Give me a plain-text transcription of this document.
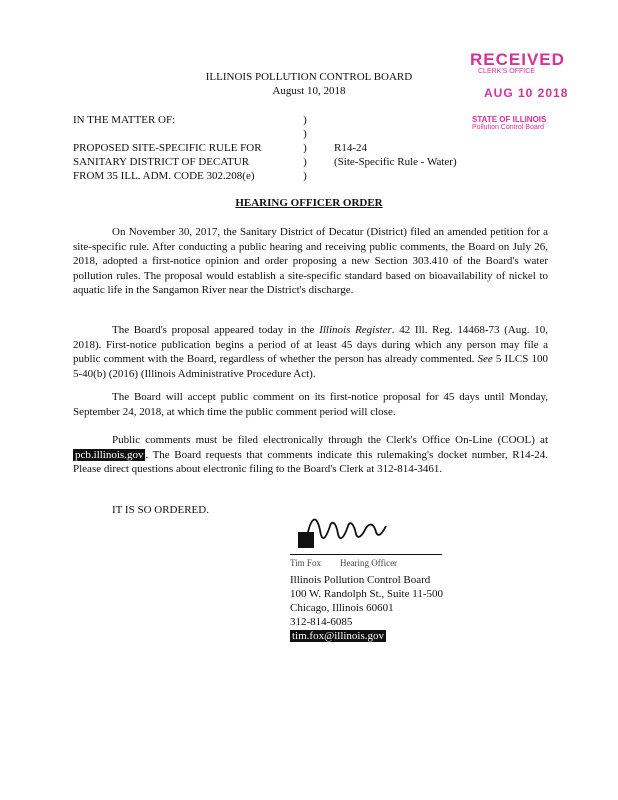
ILLINOIS POLLUTION CONTROL BOARD
August 10, 2018
RECEIVED
CLERK'S OFFICE
AUG 10 2018
STATE OF ILLINOIS
Pollution Control Board
IN THE MATTER OF:
PROPOSED SITE-SPECIFIC RULE FOR
SANITARY DISTRICT OF DECATUR
FROM 35 ILL. ADM. CODE 302.208(e)
)
)
)
)
)
R14-24
(Site-Specific Rule - Water)
HEARING OFFICER ORDER
On November 30, 2017, the Sanitary District of Decatur (District) filed an amended petition for a site-specific rule. After conducting a public hearing and receiving public comments, the Board on July 26, 2018, adopted a first-notice opinion and order proposing a new Section 303.410 of the Board's water pollution rules. The proposal would establish a site-specific standard based on bioavailability of nickel to aquatic life in the Sangamon River near the District's discharge.
The Board's proposal appeared today in the Illinois Register. 42 Ill. Reg. 14468-73 (Aug. 10, 2018). First-notice publication begins a period of at least 45 days during which any person may file a public comment with the Board, regardless of whether the person has already commented. See 5 ILCS 100 5-40(b) (2016) (Illinois Administrative Procedure Act).
The Board will accept public comment on its first-notice proposal for 45 days until Monday, September 24, 2018, at which time the public comment period will close.
Public comments must be filed electronically through the Clerk's Office On-Line (COOL) at pcb.illinois.gov . The Board requests that comments indicate this rulemaking's docket number, R14-24. Please direct questions about electronic filing to the Board's Clerk at 312-814-3461.
IT IS SO ORDERED.
Tim Fox Hearing Officer
Illinois Pollution Control Board
100 W. Randolph St., Suite 11-500
Chicago, Illinois 60601
312-814-6085
tim.fox@illinois.gov
